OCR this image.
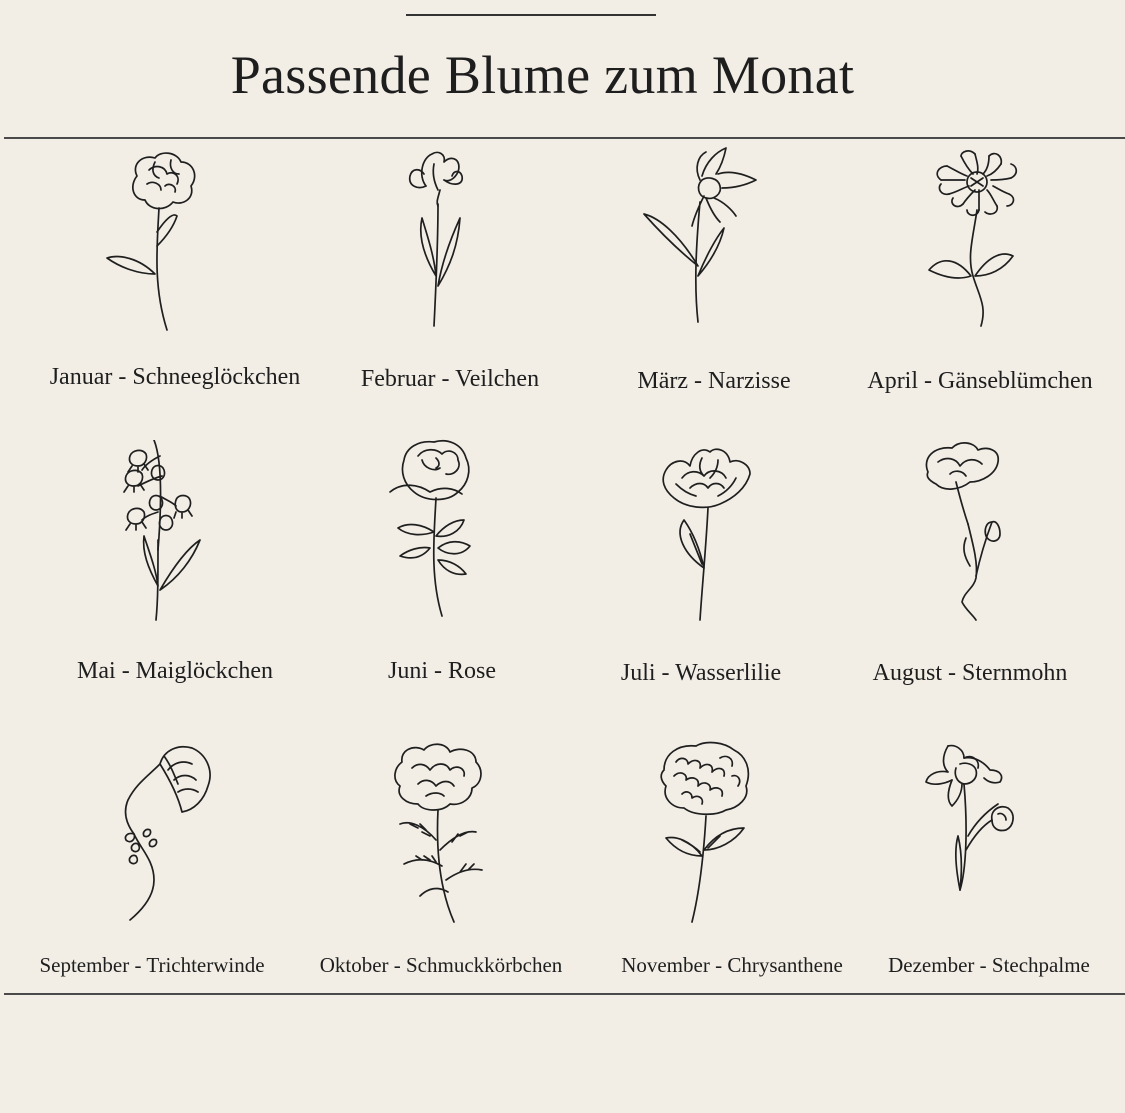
Passende Blume zum Monat
Januar - Schneeglöckchen	Februar - Veilchen	März - Narzisse	April - Gänseblümchen
Mai - Maiglöckchen	Juni - Rose	Juli - Wasserlilie	August - Sternmohn
September - Trichterwinde	Oktober - Schmuckkörbchen	November - Chrysanthene Dezember - Stechpalme
